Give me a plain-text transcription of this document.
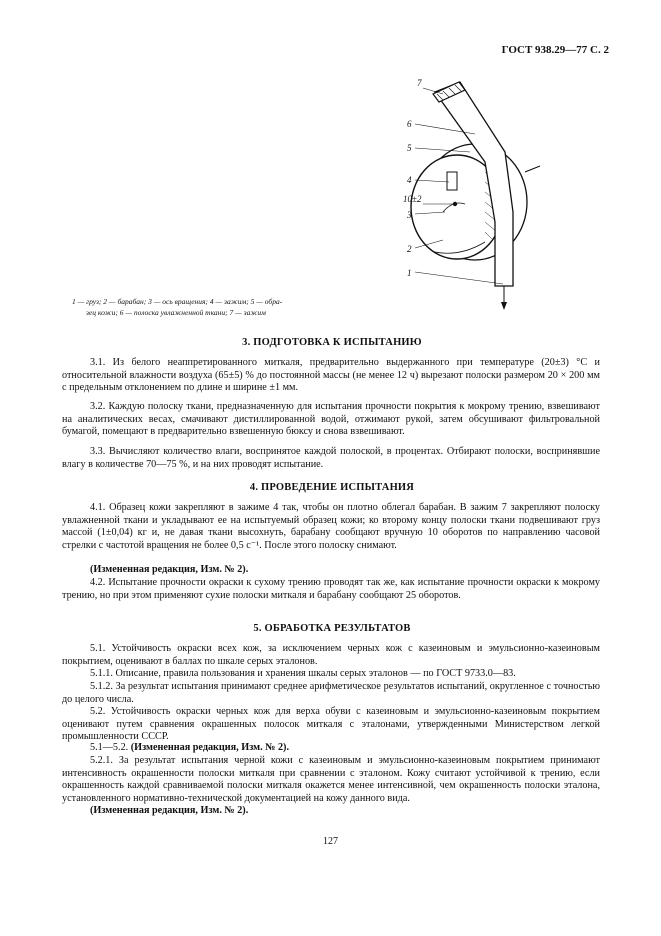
ГОСТ 938.29—77 С. 2
7
6
5
4
10±2
3
2
1
1 — груз; 2 — барабан; 3 — ось вращения; 4 — зажим; 5 — обра-
зец кожи; 6 — полоска увлажненной ткани; 7 — зажим
3. ПОДГОТОВКА К ИСПЫТАНИЮ
3.1. Из белого неаппретированного миткаля, предварительно выдержанного при температуре (20±3) °С и относительной влажности воздуха (65±5) % до постоянной массы (не менее 12 ч) вырезают полоски размером 20 × 200 мм с предельным отклонением по длине и ширине ±1 мм.
3.2. Каждую полоску ткани, предназначенную для испытания прочности покрытия к мокрому трению, взвешивают на аналитических весах, смачивают дистиллированной водой, отжимают рукой, затем обсушивают фильтровальной бумагой, помещают в предварительно взвешенную бюксу и снова взвешивают.
3.3. Вычисляют количество влаги, воспринятое каждой полоской, в процентах. Отбирают полоски, воспринявшие влагу в количестве 70—75 %, и на них проводят испытание.
4. ПРОВЕДЕНИЕ ИСПЫТАНИЯ
4.1. Образец кожи закрепляют в зажиме 4 так, чтобы он плотно облегал барабан. В зажим 7 закрепляют полоску увлажненной ткани и укладывают ее на испытуемый образец кожи; ко второму концу полоски ткани подвешивают груз массой (1±0,04) кг и, не давая ткани высохнуть, барабану сообщают вручную 10 оборотов по направлению часовой стрелки с частотой вращения не более 0,5 с⁻¹. После этого полоску снимают.
(Измененная редакция, Изм. № 2).
4.2. Испытание прочности окраски к сухому трению проводят так же, как испытание прочности окраски к мокрому трению, но при этом применяют сухие полоски миткаля и барабану сообщают 25 оборотов.
5. ОБРАБОТКА РЕЗУЛЬТАТОВ
5.1. Устойчивость окраски всех кож, за исключением черных кож с казеиновым и эмульсионно-казеиновым покрытием, оценивают в баллах по шкале серых эталонов.
5.1.1. Описание, правила пользования и хранения шкалы серых эталонов — по ГОСТ 9733.0—83.
5.1.2. За результат испытания принимают среднее арифметическое результатов испытаний, округленное с точностью до целого числа.
5.2. Устойчивость окраски черных кож для верха обуви с казеиновым и эмульсионно-казеиновым покрытием оценивают путем сравнения окрашенных полосок миткаля с эталонами, утвержденными Министерством легкой промышленности СССР.
5.1—5.2. (Измененная редакция, Изм. № 2).
5.2.1. За результат испытания черной кожи с казеиновым и эмульсионно-казеиновым покрытием принимают интенсивность окрашенности полоски миткаля при сравнении с эталоном. Кожу считают устойчивой к трению, если окрашенность каждой сравниваемой полоски миткаля окажется менее интенсивной, чем окрашенность полоски эталона, установленного нормативно-технической документацией на кожу данного вида.
(Измененная редакция, Изм. № 2).
127
